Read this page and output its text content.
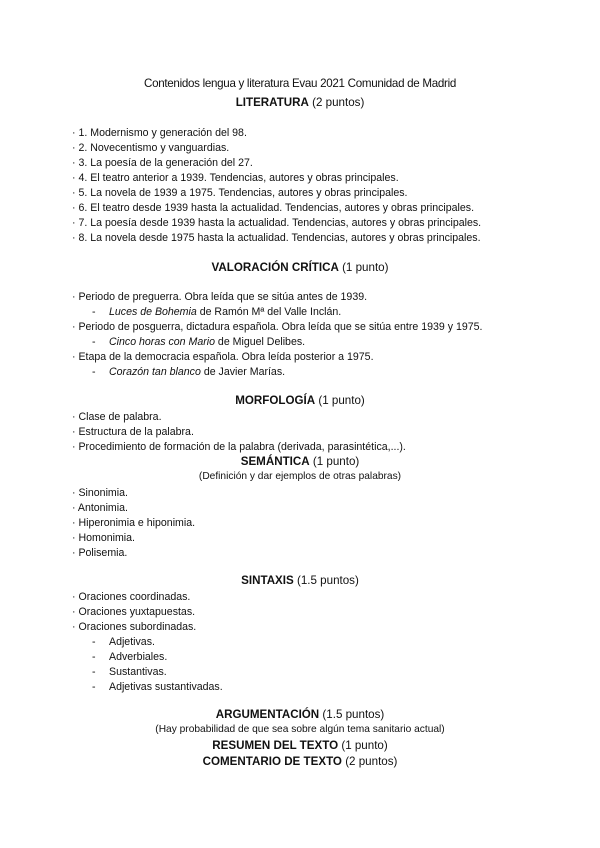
Contenidos lengua y literatura Evau 2021 Comunidad de Madrid
LITERATURA (2 puntos)
· 1. Modernismo y generación del 98.
· 2. Novecentismo y vanguardias.
· 3. La poesía de la generación del 27.
· 4. El teatro anterior a 1939. Tendencias, autores y obras principales.
· 5. La novela de 1939 a 1975. Tendencias, autores y obras principales.
· 6. El teatro desde 1939 hasta la actualidad. Tendencias, autores y obras principales.
· 7. La poesía desde 1939 hasta la actualidad. Tendencias, autores y obras principales.
· 8. La novela desde 1975 hasta la actualidad. Tendencias, autores y obras principales.
VALORACIÓN CRÍTICA (1 punto)
· Periodo de preguerra. Obra leída que se sitúa antes de 1939.
- Luces de Bohemia de Ramón Mª del Valle Inclán.
· Periodo de posguerra, dictadura española. Obra leída que se sitúa entre 1939 y 1975.
- Cinco horas con Mario de Miguel Delibes.
· Etapa de la democracia española. Obra leída posterior a 1975.
- Corazón tan blanco de Javier Marías.
MORFOLOGÍA (1 punto)
· Clase de palabra.
· Estructura de la palabra.
· Procedimiento de formación de la palabra (derivada, parasintética,...).
SEMÁNTICA (1 punto)
(Definición y dar ejemplos de otras palabras)
· Sinonimia.
· Antonimia.
· Hiperonimia e hiponimia.
· Homonimia.
· Polisemia.
SINTAXIS (1.5 puntos)
· Oraciones coordinadas.
· Oraciones yuxtapuestas.
· Oraciones subordinadas.
- Adjetivas.
- Adverbiales.
- Sustantivas.
- Adjetivas sustantivadas.
ARGUMENTACIÓN (1.5 puntos)
(Hay probabilidad de que sea sobre algún tema sanitario actual)
RESUMEN DEL TEXTO (1 punto)
COMENTARIO DE TEXTO (2 puntos)
